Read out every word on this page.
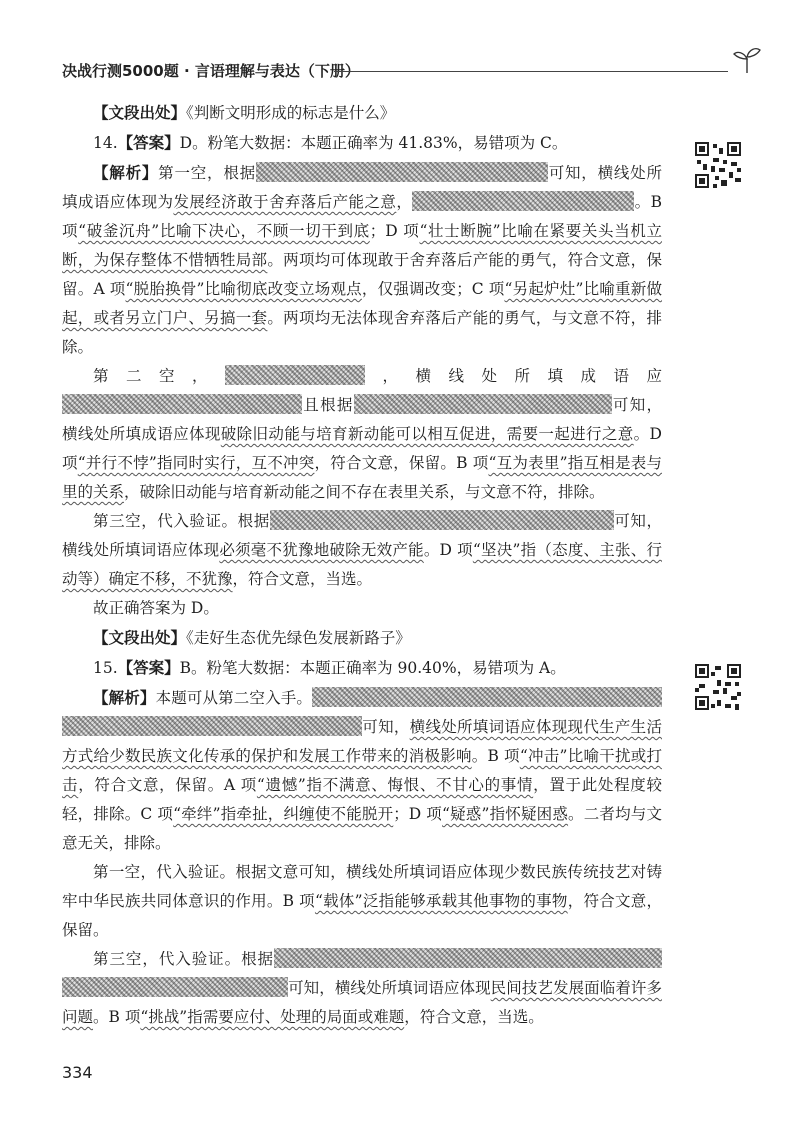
决战行测5000题 · 言语理解与表达（下册）

【文段出处】《判断文明形成的标志是什么》

14.【答案】D。粉笔大数据：本题正确率为 41.83%，易错项为 C。

【解析】第一空，根据	可知，横线处所填成语应体现为发展经济敢于舍弃落后产能之意，	。B 项“破釜沉舟”比喻下决心，不顾一切干到底；D 项“壮士断腕”比喻在紧要关头当机立断，为保存整体不惜牺牲局部。两项均可体现敢于舍弃落后产能的勇气，符合文意，保留。A 项“脱胎换骨”比喻彻底改变立场观点，仅强调改变；C 项“另起炉灶”比喻重新做起，或者另立门户、另搞一套。两项均无法体现舍弃落后产能的勇气，与文意不符，排除。

第二空，	，横线处所填成语应且根据	可知，横线处所填成语应体现破除旧动能与培育新动能可以相互促进，需要一起进行之意。D 项“并行不悖”指同时实行，互不冲突，符合文意，保留。B 项“互为表里”指互相是表与里的关系，破除旧动能与培育新动能之间不存在表里关系，与文意不符，排除。

第三空，代入验证。根据	可知，横线处所填词语应体现必须毫不犹豫地破除无效产能。D 项“坚决”指（态度、主张、行动等）确定不移，不犹豫，符合文意，当选。

故正确答案为 D。

【文段出处】《走好生态优先绿色发展新路子》

15.【答案】B。粉笔大数据：本题正确率为 90.40%，易错项为 A。

【解析】本题可从第二空入手。可知，横线处所填词语应体现现代生产生活方式给少数民族文化传承的保护和发展工作带来的消极影响。B 项“冲击”比喻干扰或打击，符合文意，保留。A 项“遗憾”指不满意、悔恨、不甘心的事情，置于此处程度较轻，排除。C 项“牵绊”指牵扯，纠缠使不能脱开；D 项“疑惑”指怀疑困惑。二者均与文意无关，排除。

第一空，代入验证。根据文意可知，横线处所填词语应体现少数民族传统技艺对铸牢中华民族共同体意识的作用。B 项“载体”泛指能够承载其他事物的事物，符合文意，保留。

第三空，代入验证。根据可知，横线处所填词语应体现民间技艺发展面临着许多问题。B 项“挑战”指需要应付、处理的局面或难题，符合文意，当选。

334
